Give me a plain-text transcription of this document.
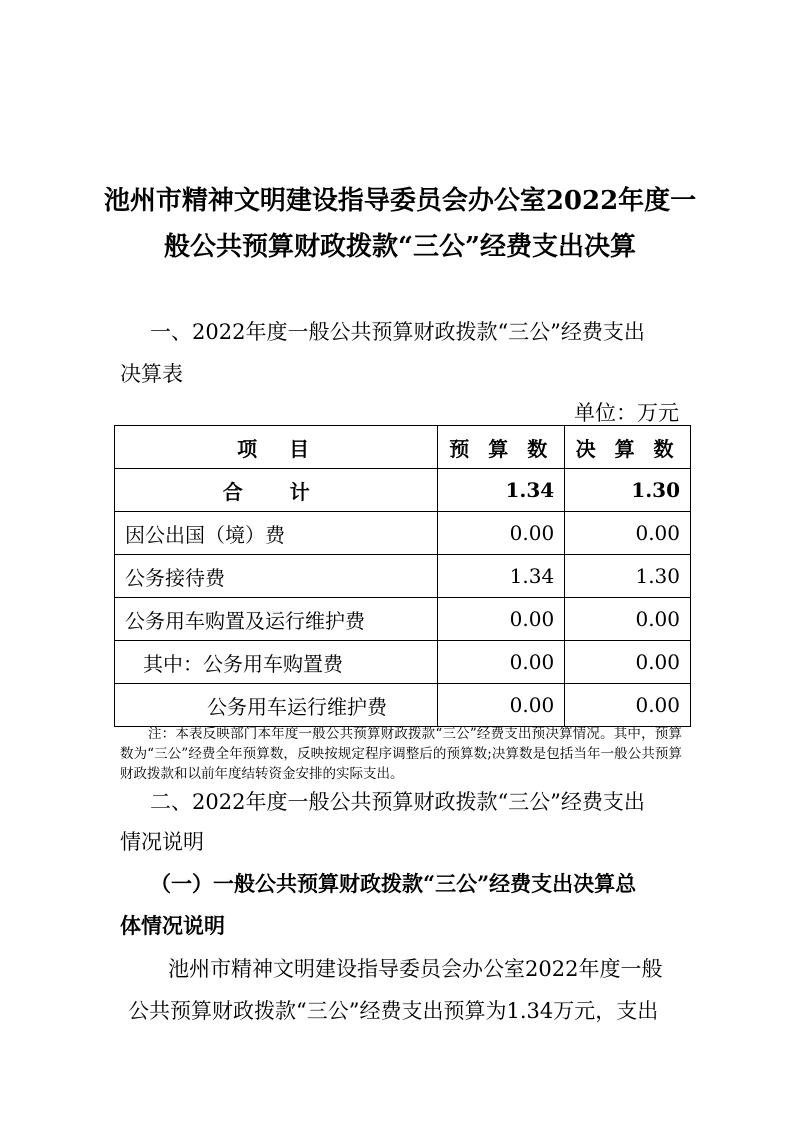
池州市精神文明建设指导委员会办公室2022年度一
般公共预算财政拨款“三公”经费支出决算
一、2022年度一般公共预算财政拨款“三公”经费支出
决算表
单位：万元
项　目	预 算 数	决 算 数
合 计	1.34	1.30
因公出国（境）费	0.00	0.00
公务接待费	1.34	1.30
公务用车购置及运行维护费	0.00	0.00
其中：公务用车购置费	0.00	0.00
公务用车运行维护费	0.00	0.00
注：本表反映部门本年度一般公共预算财政拨款“三公”经费支出预决算情况。其中，预算数为“三公”经费全年预算数，反映按规定程序调整后的预算数;决算数是包括当年一般公共预算财政拨款和以前年度结转资金安排的实际支出。
二、2022年度一般公共预算财政拨款“三公”经费支出
情况说明
（一）一般公共预算财政拨款“三公”经费支出决算总
体情况说明
池州市精神文明建设指导委员会办公室2022年度一般
公共预算财政拨款“三公”经费支出预算为1.34万元，支出
